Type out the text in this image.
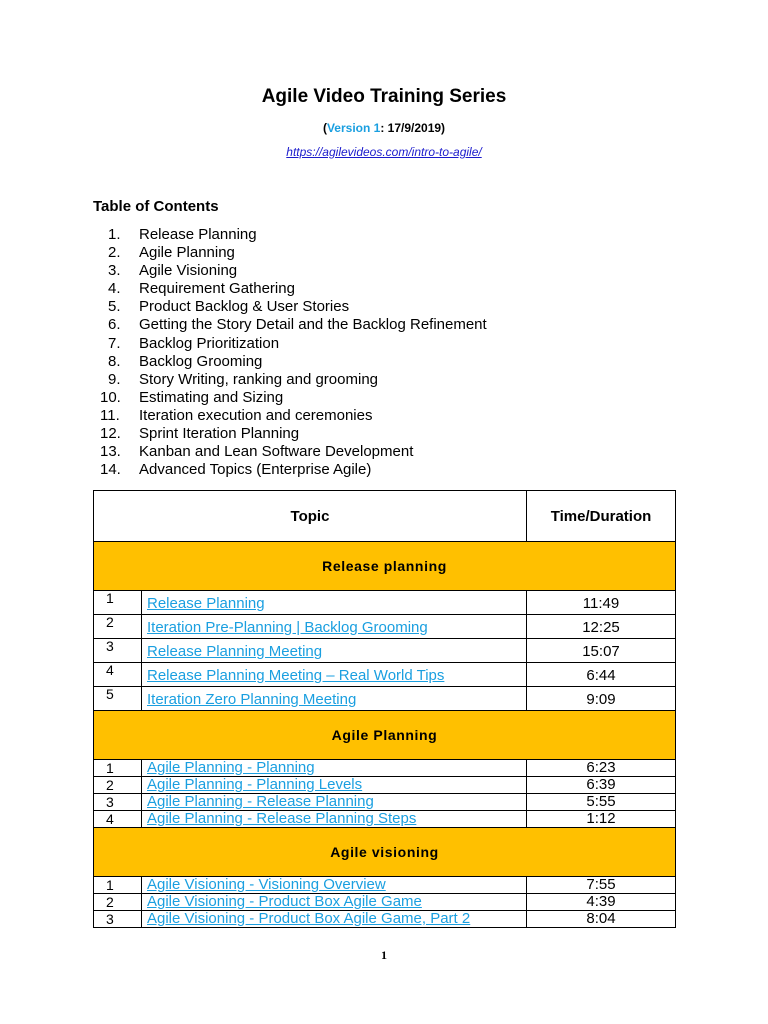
Agile Video Training Series
(Version 1: 17/9/2019)
https://agilevideos.com/intro-to-agile/
Table of Contents
1. Release Planning
2. Agile Planning
3. Agile Visioning
4. Requirement Gathering
5. Product Backlog & User Stories
6. Getting the Story Detail and the Backlog Refinement
7. Backlog Prioritization
8. Backlog Grooming
9. Story Writing, ranking and grooming
10. Estimating and Sizing
11. Iteration execution and ceremonies
12. Sprint Iteration Planning
13. Kanban and Lean Software Development
14. Advanced Topics (Enterprise Agile)
Topic		Time/Duration
Release planning		
1	Release Planning	11:49
2	Iteration Pre-Planning | Backlog Grooming	12:25
3	Release Planning Meeting	15:07
4	Release Planning Meeting – Real World Tips	6:44
5	Iteration Zero Planning Meeting	9:09
Agile Planning		
1	Agile Planning - Planning	6:23
2	Agile Planning - Planning Levels	6:39
3	Agile Planning - Release Planning	5:55
4	Agile Planning - Release Planning Steps	1:12
Agile visioning		
1	Agile Visioning - Visioning Overview	7:55
2	Agile Visioning - Product Box Agile Game	4:39
3	Agile Visioning - Product Box Agile Game, Part 2	8:04
1
